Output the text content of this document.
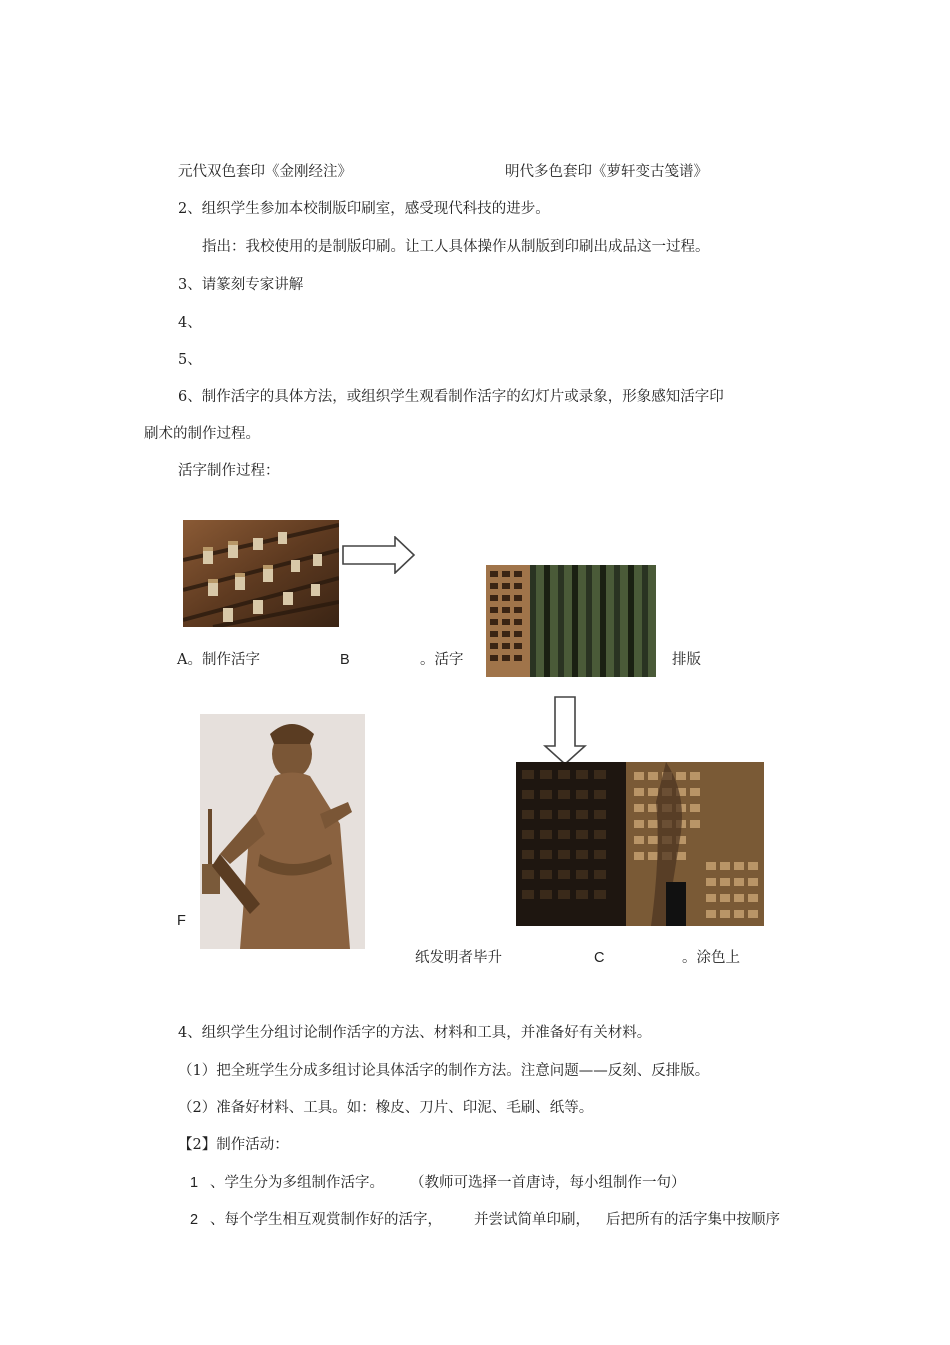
元代双色套印《金刚经注》	明代多色套印《萝轩变古笺谱》
2、组织学生参加本校制版印刷室，感受现代科技的进步。
指出：我校使用的是制版印刷。让工人具体操作从制版到印刷出成品这一过程。
3、请篆刻专家讲解
4、
5、
6、制作活字的具体方法，或组织学生观看制作活字的幻灯片或录象，形象感知活字印
刷术的制作过程。
活字制作过程：
A。制作活字	B	。活字	排版
F
纸发明者毕升	C	。涂色上
4、组织学生分组讨论制作活字的方法、材料和工具，并准备好有关材料。
（1）把全班学生分成多组讨论具体活字的制作方法。注意问题——反刻、反排版。
（2）准备好材料、工具。如：橡皮、刀片、印泥、毛刷、纸等。
【2】制作活动：
1 、学生分为多组制作活字。 （教师可选择一首唐诗，每小组制作一句）
2 、每个学生相互观赏制作好的活字， 并尝试简单印刷， 后把所有的活字集中按顺序
